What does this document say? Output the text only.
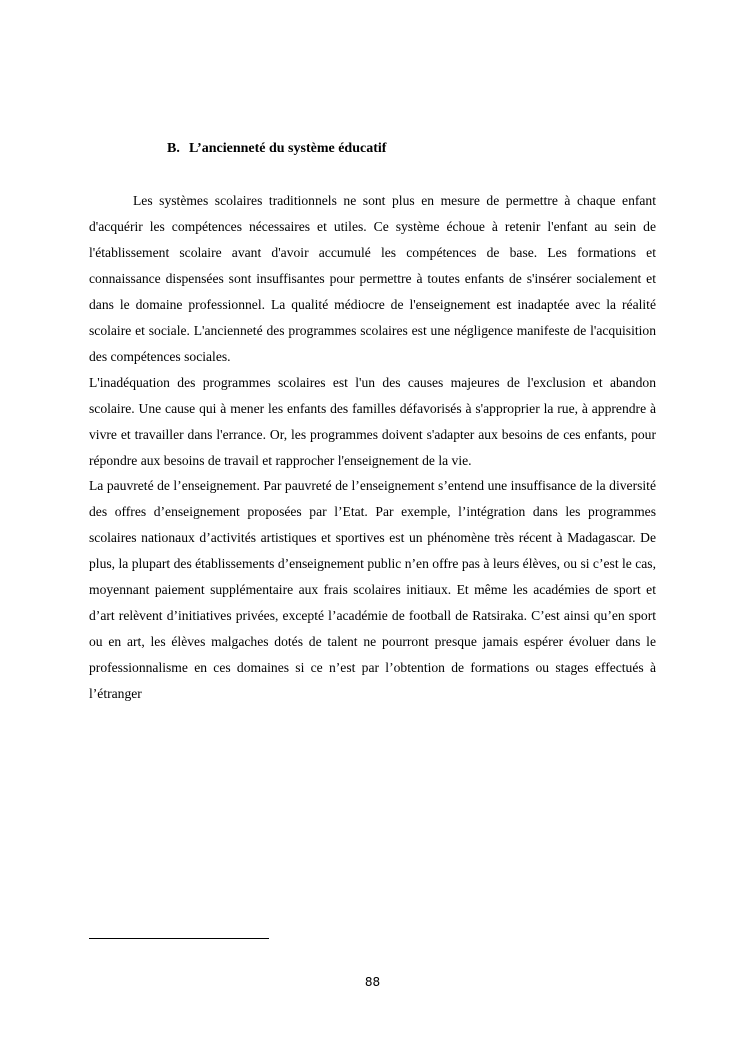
B. L’ancienneté du système éducatif

Les systèmes scolaires traditionnels ne sont plus en mesure de permettre à chaque enfant d'acquérir les compétences nécessaires et utiles. Ce système échoue à retenir l'enfant au sein de l'établissement scolaire avant d'avoir accumulé les compétences de base. Les formations et connaissance dispensées sont insuffisantes pour permettre à toutes enfants de s'insérer socialement et dans le domaine professionnel. La qualité médiocre de l'enseignement est inadaptée avec la réalité scolaire et sociale. L'ancienneté des programmes scolaires est une négligence manifeste de l'acquisition des compétences sociales.

L'inadéquation des programmes scolaires est l'un des causes majeures de l'exclusion et abandon scolaire. Une cause qui à mener les enfants des familles défavorisés à s'approprier la rue, à apprendre à vivre et travailler dans l'errance. Or, les programmes doivent s'adapter aux besoins de ces enfants, pour répondre aux besoins de travail et rapprocher l'enseignement de la vie.

La pauvreté de l’enseignement. Par pauvreté de l’enseignement s’entend une insuffisance de la diversité des offres d’enseignement proposées par l’Etat. Par exemple, l’intégration dans les programmes scolaires nationaux d’activités artistiques et sportives est un phénomène très récent à Madagascar. De plus, la plupart des établissements d’enseignement public n’en offre pas à leurs élèves, ou si c’est le cas, moyennant paiement supplémentaire aux frais scolaires initiaux. Et même les académies de sport et d’art relèvent d’initiatives privées, excepté l’académie de football de Ratsiraka. C’est ainsi qu’en sport ou en art, les élèves malgaches dotés de talent ne pourront presque jamais espérer évoluer dans le professionnalisme en ces domaines si ce n’est par l’obtention de formations ou stages effectués à l’étranger

88
